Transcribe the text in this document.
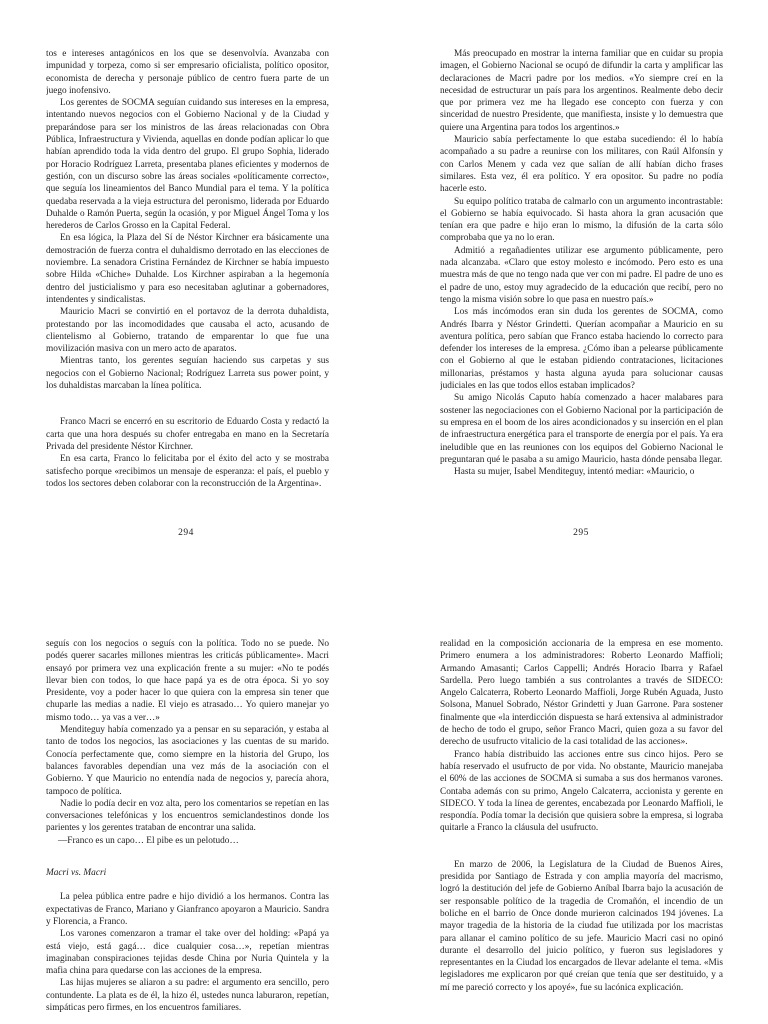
tos e intereses antagónicos en los que se desenvolvía. Avanzaba con impunidad y torpeza, como si ser empresario oficialista, político opositor, economista de derecha y personaje público de centro fuera parte de un juego inofensivo.

Los gerentes de SOCMA seguían cuidando sus intereses en la empresa, intentando nuevos negocios con el Gobierno Nacional y de la Ciudad y preparándose para ser los ministros de las áreas relacionadas con Obra Pública, Infraestructura y Vivienda, aquellas en donde podían aplicar lo que habían aprendido toda la vida dentro del grupo. El grupo Sophia, liderado por Horacio Rodríguez Larreta, presentaba planes eficientes y modernos de gestión, con un discurso sobre las áreas sociales «políticamente correcto», que seguía los lineamientos del Banco Mundial para el tema. Y la política quedaba reservada a la vieja estructura del peronismo, liderada por Eduardo Duhalde o Ramón Puerta, según la ocasión, y por Miguel Ángel Toma y los herederos de Carlos Grosso en la Capital Federal.

En esa lógica, la Plaza del Sí de Néstor Kirchner era básicamente una demostración de fuerza contra el duhaldismo derrotado en las elecciones de noviembre. La senadora Cristina Fernández de Kirchner se había impuesto sobre Hilda «Chiche» Duhalde. Los Kirchner aspiraban a la hegemonía dentro del justicialismo y para eso necesitaban aglutinar a gobernadores, intendentes y sindicalistas.

Mauricio Macri se convirtió en el portavoz de la derrota duhaldista, protestando por las incomodidades que causaba el acto, acusando de clientelismo al Gobierno, tratando de emparentar lo que fue una movilización masiva con un mero acto de aparatos.

Mientras tanto, los gerentes seguían haciendo sus carpetas y sus negocios con el Gobierno Nacional; Rodríguez Larreta sus power point, y los duhaldistas marcaban la línea política.

Franco Macri se encerró en su escritorio de Eduardo Costa y redactó la carta que una hora después su chofer entregaba en mano en la Secretaría Privada del presidente Néstor Kirchner.

En esa carta, Franco lo felicitaba por el éxito del acto y se mostraba satisfecho porque «recibimos un mensaje de esperanza: el país, el pueblo y todos los sectores deben colaborar con la reconstrucción de la Argentina».

294

Más preocupado en mostrar la interna familiar que en cuidar su propia imagen, el Gobierno Nacional se ocupó de difundir la carta y amplificar las declaraciones de Macri padre por los medios. «Yo siempre creí en la necesidad de estructurar un país para los argentinos. Realmente debo decir que por primera vez me ha llegado ese concepto con fuerza y con sinceridad de nuestro Presidente, que manifiesta, insiste y lo demuestra que quiere una Argentina para todos los argentinos.»

Mauricio sabía perfectamente lo que estaba sucediendo: él lo había acompañado a su padre a reunirse con los militares, con Raúl Alfonsín y con Carlos Menem y cada vez que salían de allí habían dicho frases similares. Esta vez, él era político. Y era opositor. Su padre no podía hacerle esto.

Su equipo político trataba de calmarlo con un argumento incontrastable: el Gobierno se había equivocado. Si hasta ahora la gran acusación que tenían era que padre e hijo eran lo mismo, la difusión de la carta sólo comprobaba que ya no lo eran.

Admitió a regañadientes utilizar ese argumento públicamente, pero nada alcanzaba. «Claro que estoy molesto e incómodo. Pero esto es una muestra más de que no tengo nada que ver con mi padre. El padre de uno es el padre de uno, estoy muy agradecido de la educación que recibí, pero no tengo la misma visión sobre lo que pasa en nuestro país.»

Los más incómodos eran sin duda los gerentes de SOCMA, como Andrés Ibarra y Néstor Grindetti. Querían acompañar a Mauricio en su aventura política, pero sabían que Franco estaba haciendo lo correcto para defender los intereses de la empresa. ¿Cómo iban a pelearse públicamente con el Gobierno al que le estaban pidiendo contrataciones, licitaciones millonarias, préstamos y hasta alguna ayuda para solucionar causas judiciales en las que todos ellos estaban implicados?

Su amigo Nicolás Caputo había comenzado a hacer malabares para sostener las negociaciones con el Gobierno Nacional por la participación de su empresa en el boom de los aires acondicionados y su inserción en el plan de infraestructura energética para el transporte de energía por el país. Ya era ineludible que en las reuniones con los equipos del Gobierno Nacional le preguntaran qué le pasaba a su amigo Mauricio, hasta dónde pensaba llegar.

Hasta su mujer, Isabel Menditeguy, intentó mediar: «Mauricio, o

295

seguís con los negocios o seguís con la política. Todo no se puede. No podés querer sacarles millones mientras les criticás públicamente». Macri ensayó por primera vez una explicación frente a su mujer: «No te podés llevar bien con todos, lo que hace papá ya es de otra época. Si yo soy Presidente, voy a poder hacer lo que quiera con la empresa sin tener que chuparle las medias a nadie. El viejo es atrasado… Yo quiero manejar yo mismo todo… ya vas a ver…»

Menditeguy había comenzado ya a pensar en su separación, y estaba al tanto de todos los negocios, las asociaciones y las cuentas de su marido. Conocía perfectamente que, como siempre en la historia del Grupo, los balances favorables dependían una vez más de la asociación con el Gobierno. Y que Mauricio no entendía nada de negocios y, parecía ahora, tampoco de política.

Nadie lo podía decir en voz alta, pero los comentarios se repetían en las conversaciones telefónicas y los encuentros semiclandestinos donde los parientes y los gerentes trataban de encontrar una salida.

—Franco es un capo… El pibe es un pelotudo…

Macri vs. Macri

La pelea pública entre padre e hijo dividió a los hermanos. Contra las expectativas de Franco, Mariano y Gianfranco apoyaron a Mauricio. Sandra y Florencia, a Franco.

Los varones comenzaron a tramar el take over del holding: «Papá ya está viejo, está gagá… dice cualquier cosa…», repetían mientras imaginaban conspiraciones tejidas desde China por Nuria Quintela y la mafia china para quedarse con las acciones de la empresa.

Las hijas mujeres se aliaron a su padre: el argumento era sencillo, pero contundente. La plata es de él, la hizo él, ustedes nunca laburaron, repetían, simpáticas pero firmes, en los encuentros familiares.

realidad en la composición accionaria de la empresa en ese momento. Primero enumera a los administradores: Roberto Leonardo Maffioli; Armando Amasanti; Carlos Cappelli; Andrés Horacio Ibarra y Rafael Sardella. Pero luego también a sus controlantes a través de SIDECO: Angelo Calcaterra, Roberto Leonardo Maffioli, Jorge Rubén Aguada, Justo Solsona, Manuel Sobrado, Néstor Grindetti y Juan Garrone. Para sostener finalmente que «la interdicción dispuesta se hará extensiva al administrador de hecho de todo el grupo, señor Franco Macri, quien goza a su favor del derecho de usufructo vitalicio de la casi totalidad de las acciones».

Franco había distribuido las acciones entre sus cinco hijos. Pero se había reservado el usufructo de por vida. No obstante, Mauricio manejaba el 60% de las acciones de SOCMA si sumaba a sus dos hermanos varones. Contaba además con su primo, Angelo Calcaterra, accionista y gerente en SIDECO. Y toda la línea de gerentes, encabezada por Leonardo Maffioli, le respondía. Podía tomar la decisión que quisiera sobre la empresa, si lograba quitarle a Franco la cláusula del usufructo.

En marzo de 2006, la Legislatura de la Ciudad de Buenos Aires, presidida por Santiago de Estrada y con amplia mayoría del macrismo, logró la destitución del jefe de Gobierno Aníbal Ibarra bajo la acusación de ser responsable político de la tragedia de Cromañón, el incendio de un boliche en el barrio de Once donde murieron calcinados 194 jóvenes. La mayor tragedia de la historia de la ciudad fue utilizada por los macristas para allanar el camino político de su jefe. Mauricio Macri casi no opinó durante el desarrollo del juicio político, y fueron sus legisladores y representantes en la Ciudad los encargados de llevar adelante el tema. «Mis legisladores me explicaron por qué creían que tenía que ser destituido, y a mí me pareció correcto y los apoyé», fue su lacónica explicación.
